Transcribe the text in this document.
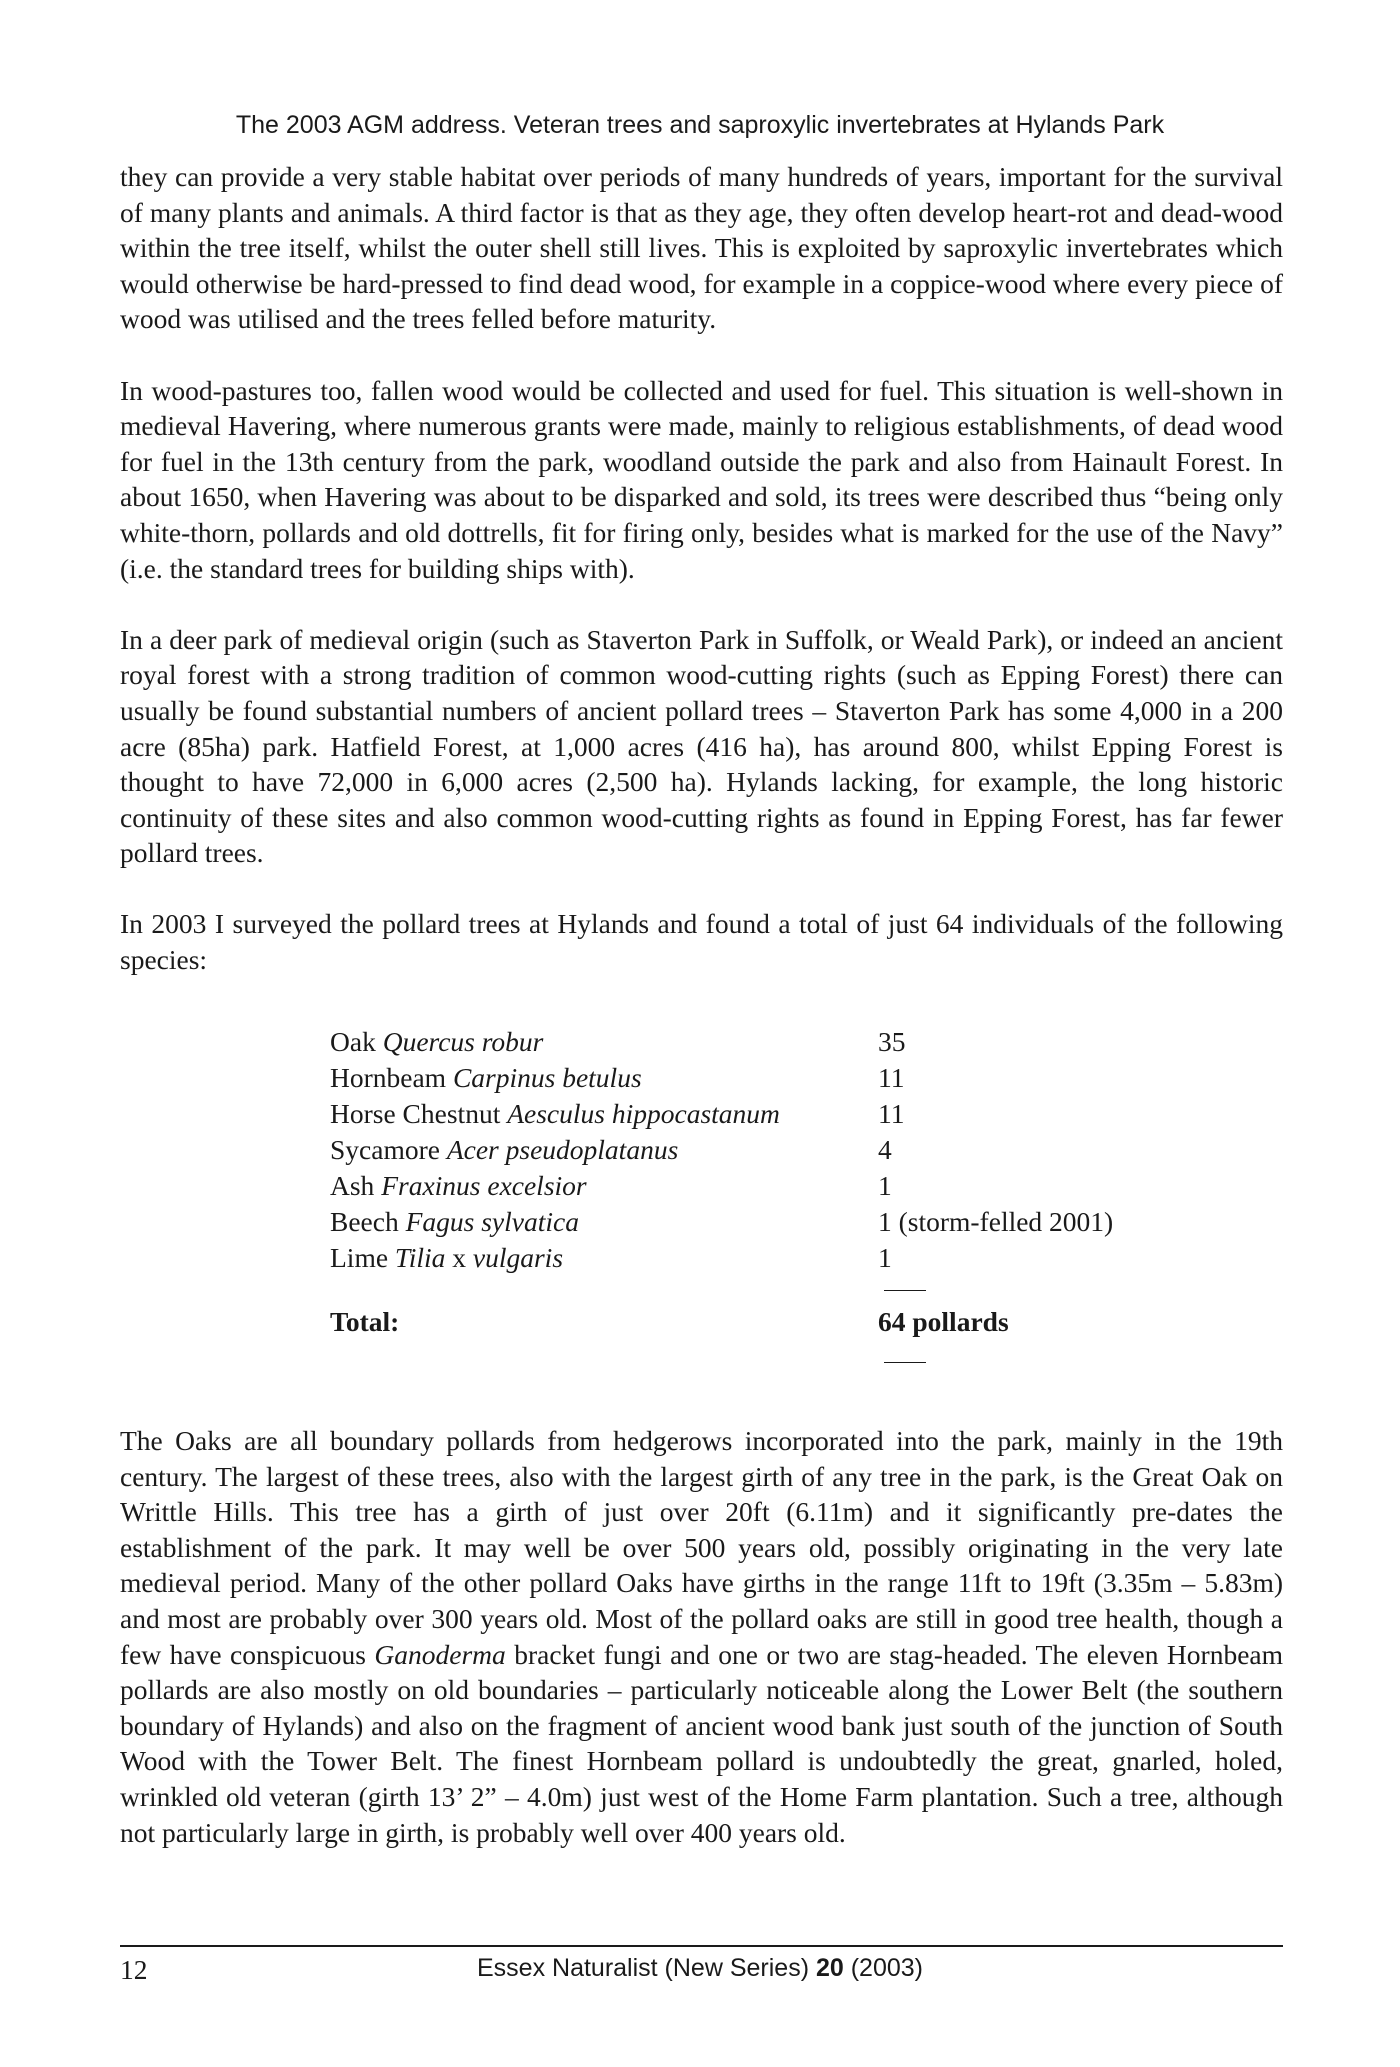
The 2003 AGM address. Veteran trees and saproxylic invertebrates at Hylands Park

they can provide a very stable habitat over periods of many hundreds of years, important for the survival of many plants and animals. A third factor is that as they age, they often develop heart-rot and dead-wood within the tree itself, whilst the outer shell still lives. This is exploited by saproxylic invertebrates which would otherwise be hard-pressed to find dead wood, for example in a coppice-wood where every piece of wood was utilised and the trees felled before maturity.

In wood-pastures too, fallen wood would be collected and used for fuel. This situation is well-shown in medieval Havering, where numerous grants were made, mainly to religious establishments, of dead wood for fuel in the 13th century from the park, woodland outside the park and also from Hainault Forest. In about 1650, when Havering was about to be disparked and sold, its trees were described thus “being only white-thorn, pollards and old dottrells, fit for firing only, besides what is marked for the use of the Navy” (i.e. the standard trees for building ships with).

In a deer park of medieval origin (such as Staverton Park in Suffolk, or Weald Park), or indeed an ancient royal forest with a strong tradition of common wood-cutting rights (such as Epping Forest) there can usually be found substantial numbers of ancient pollard trees – Staverton Park has some 4,000 in a 200 acre (85ha) park. Hatfield Forest, at 1,000 acres (416 ha), has around 800, whilst Epping Forest is thought to have 72,000 in 6,000 acres (2,500 ha). Hylands lacking, for example, the long historic continuity of these sites and also common wood-cutting rights as found in Epping Forest, has far fewer pollard trees.

In 2003 I surveyed the pollard trees at Hylands and found a total of just 64 individuals of the following species:

Oak Quercus robur	35
Hornbeam Carpinus betulus	11
Horse Chestnut Aesculus hippocastanum	11
Sycamore Acer pseudoplatanus	4
Ash Fraxinus excelsior	1
Beech Fagus sylvatica	1 (storm-felled 2001)
Lime Tilia x vulgaris	1
Total:	64 pollards

The Oaks are all boundary pollards from hedgerows incorporated into the park, mainly in the 19th century. The largest of these trees, also with the largest girth of any tree in the park, is the Great Oak on Writtle Hills. This tree has a girth of just over 20ft (6.11m) and it significantly pre-dates the establishment of the park. It may well be over 500 years old, possibly originating in the very late medieval period. Many of the other pollard Oaks have girths in the range 11ft to 19ft (3.35m – 5.83m) and most are probably over 300 years old. Most of the pollard oaks are still in good tree health, though a few have conspicuous Ganoderma bracket fungi and one or two are stag-headed. The eleven Hornbeam pollards are also mostly on old boundaries – particularly noticeable along the Lower Belt (the southern boundary of Hylands) and also on the fragment of ancient wood bank just south of the junction of South Wood with the Tower Belt. The finest Hornbeam pollard is undoubtedly the great, gnarled, holed, wrinkled old veteran (girth 13’ 2” – 4.0m) just west of the Home Farm plantation. Such a tree, although not particularly large in girth, is probably well over 400 years old.

12	Essex Naturalist (New Series) 20 (2003)
